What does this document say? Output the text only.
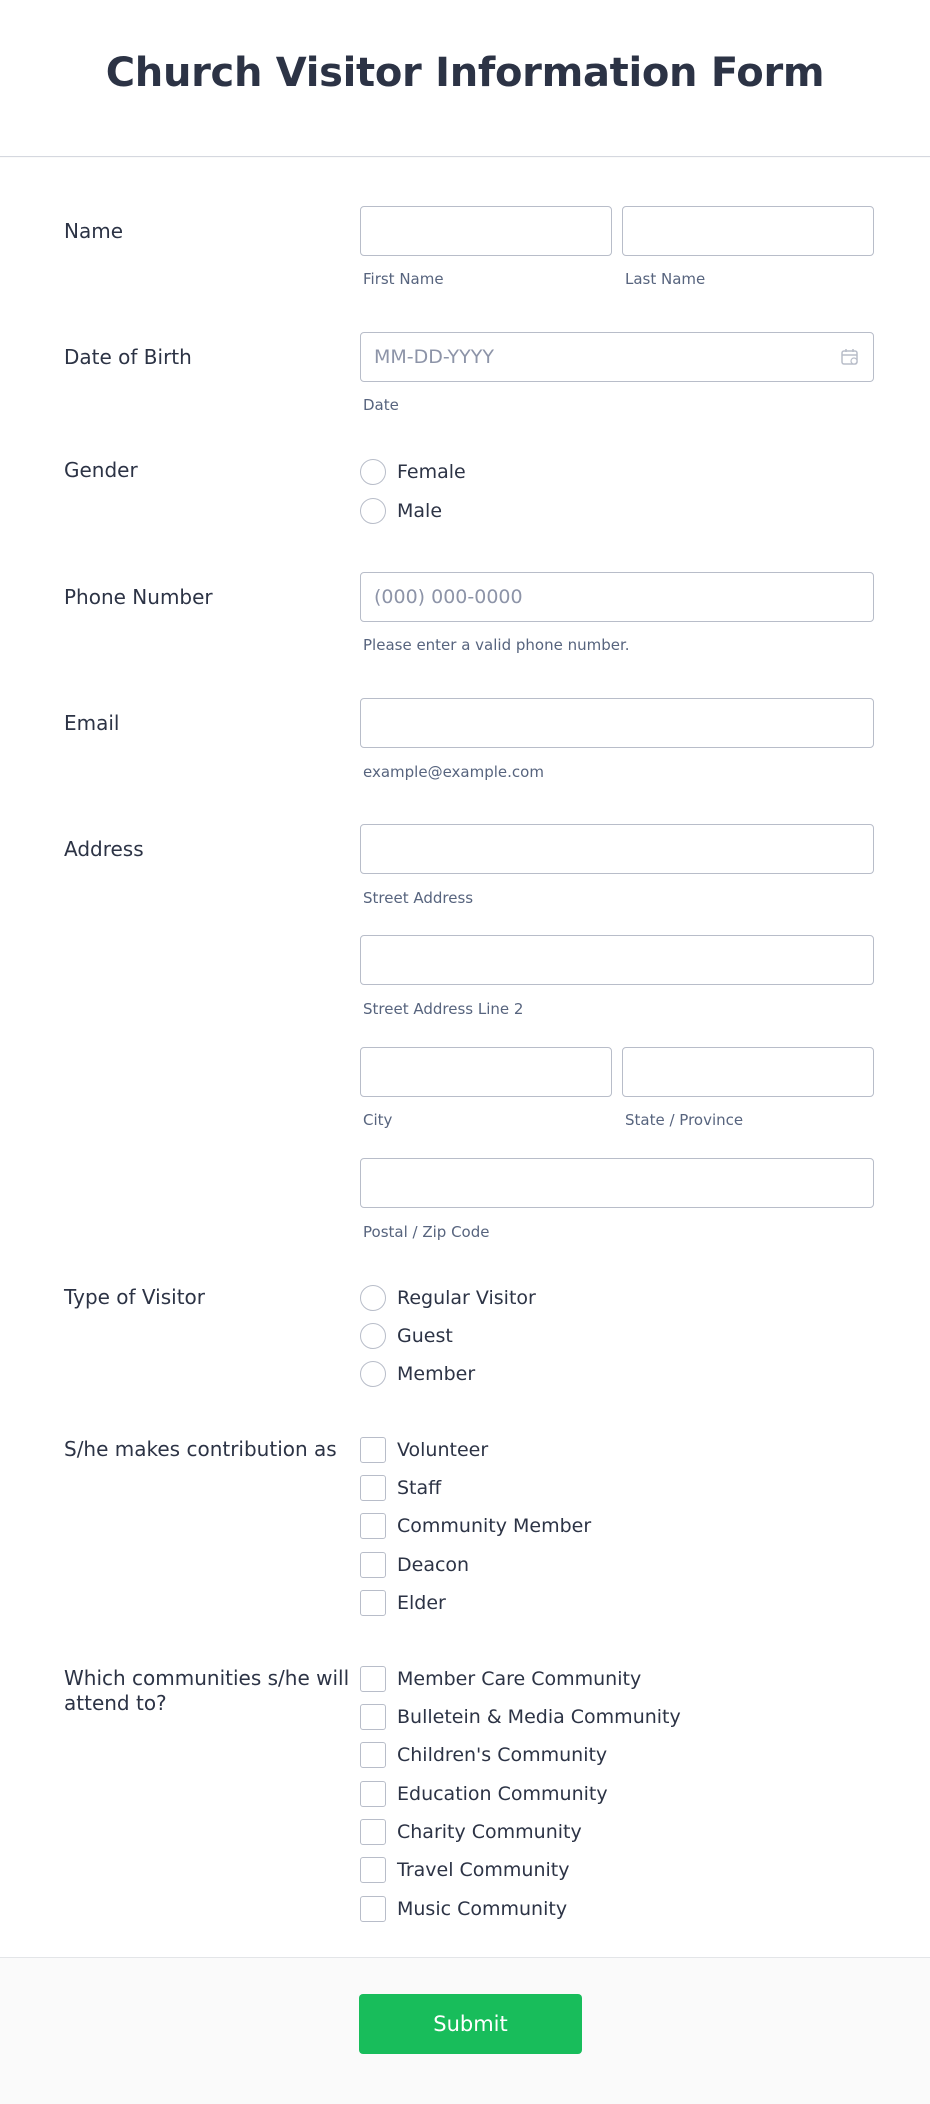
Church Visitor Information Form
Name
First Name	Last Name
Date of Birth
MM-DD-YYYY
Date
Gender	Female
Male
Phone Number
(000) 000-0000
Please enter a valid phone number.
Email
example@example.com
Address
Street Address
Street Address Line 2
City	State / Province
Postal / Zip Code
Type of Visitor	Regular Visitor
Guest
Member
S/he makes contribution as	Volunteer
Staff
Community Member
Deacon
Elder
Which communities s/he will
attend to?
Member Care Community
Bulletein & Media Community
Children's Community
Education Community
Charity Community
Travel Community
Music Community
Submit
